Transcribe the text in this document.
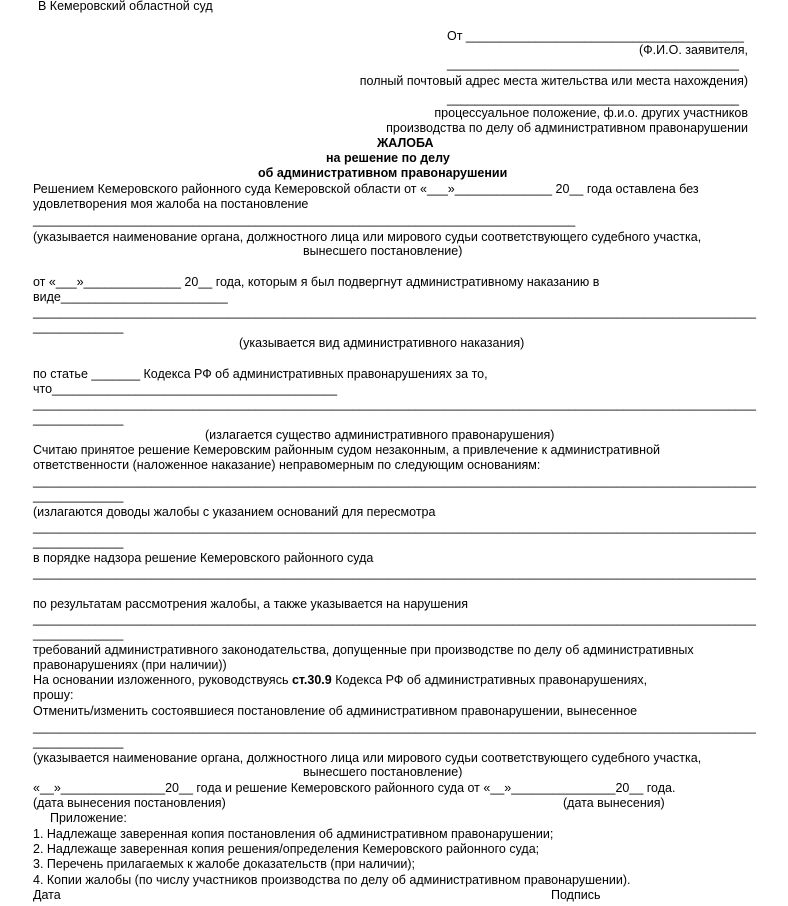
В Кемеровский областной суд
От ________________________________________
(Ф.И.О. заявителя,
__________________________________________
полный почтовый адрес места жительства или места нахождения)
__________________________________________
процессуальное положение, ф.и.о. других участников
производства по делу об административном правонарушении
ЖАЛОБА
на решение по делу
об административном правонарушении
Решением Кемеровского районного суда Кемеровской области от «___»______________ 20__ года оставлена без
удовлетворения моя жалоба на постановление
______________________________________________________________________________
(указывается наименование органа, должностного лица или мирового судьи соответствующего судебного участка,
вынесшего постановление)
от «___»______________ 20__ года, которым я был подвергнут административному наказанию в
виде________________________
________________________________________________________________________________________________________
_____________
(указывается вид административного наказания)
по статье _______ Кодекса РФ об административных правонарушениях за то,
что_________________________________________
________________________________________________________________________________________________________
_____________
(излагается существо административного правонарушения)
Считаю принятое решение Кемеровским районным судом незаконным, а привлечение к административной
ответственности (наложенное наказание) неправомерным по следующим основаниям:
________________________________________________________________________________________________________
_____________
(излагаются доводы жалобы с указанием оснований для пересмотра
________________________________________________________________________________________________________
_____________
в порядке надзора решение Кемеровского районного суда
________________________________________________________________________________________________________
по результатам рассмотрения жалобы, а также указывается на нарушения
________________________________________________________________________________________________________
_____________
требований административного законодательства, допущенные при производстве по делу об административных
правонарушениях (при наличии))
На основании изложенного, руководствуясь ст.30.9 Кодекса РФ об административных правонарушениях,
прошу:
Отменить/изменить состоявшиеся постановление об административном правонарушении, вынесенное
________________________________________________________________________________________________________
_____________
(указывается наименование органа, должностного лица или мирового судьи соответствующего судебного участка,
вынесшего постановление)
«__»_______________20__ года и решение Кемеровского районного суда от «__»_______________20__ года.
(дата вынесения постановления)	(дата вынесения)
Приложение:
1. Надлежаще заверенная копия постановления об административном правонарушении;
2. Надлежаще заверенная копия решения/определения Кемеровского районного суда;
3. Перечень прилагаемых к жалобе доказательств (при наличии);
4. Копии жалобы (по числу участников производства по делу об административном правонарушении).
Дата	Подпись
